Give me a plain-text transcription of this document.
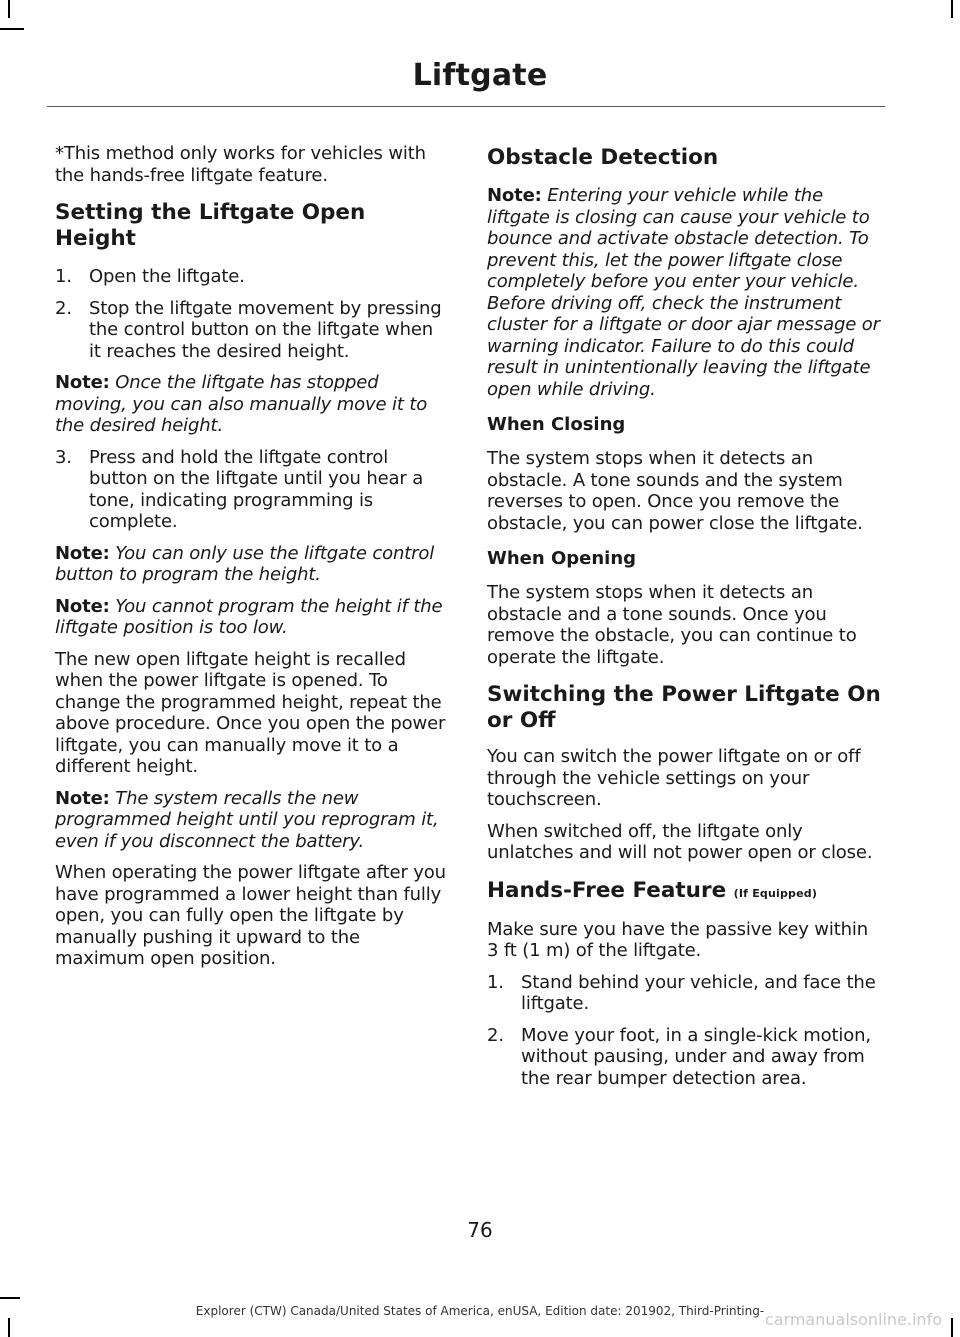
Liftgate

*This method only works for vehicles with the hands-free liftgate feature.

Setting the Liftgate Open Height
1. Open the liftgate.
2. Stop the liftgate movement by pressing the control button on the liftgate when it reaches the desired height.

Note: Once the liftgate has stopped moving, you can also manually move it to the desired height.

3. Press and hold the liftgate control button on the liftgate until you hear a tone, indicating programming is complete.

Note: You can only use the liftgate control button to program the height.

Note: You cannot program the height if the liftgate position is too low.

The new open liftgate height is recalled when the power liftgate is opened. To change the programmed height, repeat the above procedure. Once you open the power liftgate, you can manually move it to a different height.

Note: The system recalls the new programmed height until you reprogram it, even if you disconnect the battery.

When operating the power liftgate after you have programmed a lower height than fully open, you can fully open the liftgate by manually pushing it upward to the maximum open position.

Obstacle Detection

Note: Entering your vehicle while the liftgate is closing can cause your vehicle to bounce and activate obstacle detection. To prevent this, let the power liftgate close completely before you enter your vehicle. Before driving off, check the instrument cluster for a liftgate or door ajar message or warning indicator. Failure to do this could result in unintentionally leaving the liftgate open while driving.

When Closing

The system stops when it detects an obstacle. A tone sounds and the system reverses to open. Once you remove the obstacle, you can power close the liftgate.

When Opening

The system stops when it detects an obstacle and a tone sounds. Once you remove the obstacle, you can continue to operate the liftgate.

Switching the Power Liftgate On or Off

You can switch the power liftgate on or off through the vehicle settings on your touchscreen.

When switched off, the liftgate only unlatches and will not power open or close.

Hands-Free Feature (If Equipped)

Make sure you have the passive key within 3 ft (1 m) of the liftgate.

1. Stand behind your vehicle, and face the liftgate.
2. Move your foot, in a single-kick motion, without pausing, under and away from the rear bumper detection area.
76
Explorer (CTW) Canada/United States of America, enUSA, Edition date: 201902, Third-Printing- carmanualsonline.info
